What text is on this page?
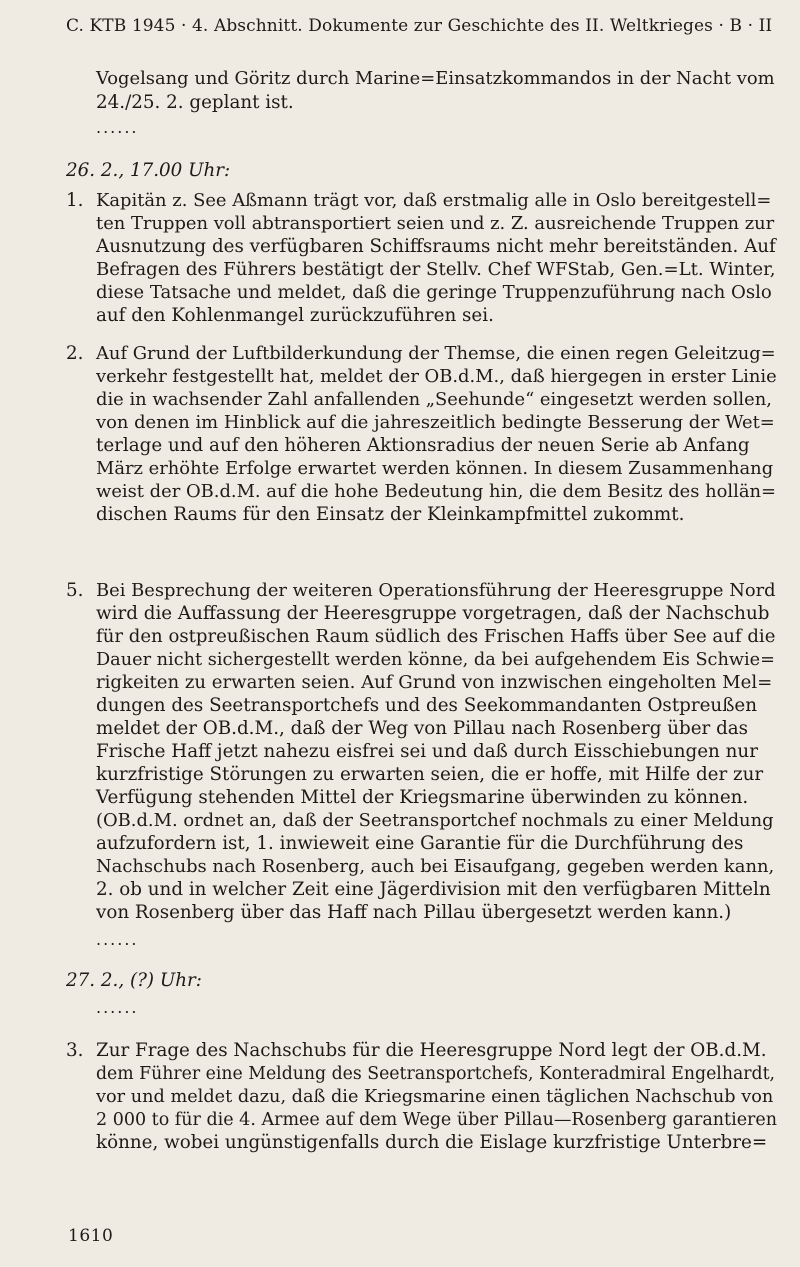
C. KTB 1945 · 4. Abschnitt. Dokumente zur Geschichte des II. Weltkrieges · B · II
Vogelsang und Göritz durch Marine=Einsatzkommandos in der Nacht vom
24./25. 2. geplant ist.
......
26. 2., 17.00 Uhr:
1. Kapitän z. See Aßmann trägt vor, daß erstmalig alle in Oslo bereitgestell=
ten Truppen voll abtransportiert seien und z. Z. ausreichende Truppen zur
Ausnutzung des verfügbaren Schiffsraums nicht mehr bereitständen. Auf
Befragen des Führers bestätigt der Stellv. Chef WFStab, Gen.=Lt. Winter,
diese Tatsache und meldet, daß die geringe Truppenzuführung nach Oslo
auf den Kohlenmangel zurückzuführen sei.
2. Auf Grund der Luftbilderkundung der Themse, die einen regen Geleitzug=
verkehr festgestellt hat, meldet der OB.d.M., daß hiergegen in erster Linie
die in wachsender Zahl anfallenden „Seehunde“ eingesetzt werden sollen,
von denen im Hinblick auf die jahreszeitlich bedingte Besserung der Wet=
terlage und auf den höheren Aktionsradius der neuen Serie ab Anfang
März erhöhte Erfolge erwartet werden können. In diesem Zusammenhang
weist der OB.d.M. auf die hohe Bedeutung hin, die dem Besitz des hollän=
dischen Raums für den Einsatz der Kleinkampfmittel zukommt.
5. Bei Besprechung der weiteren Operationsführung der Heeresgruppe Nord
wird die Auffassung der Heeresgruppe vorgetragen, daß der Nachschub
für den ostpreußischen Raum südlich des Frischen Haffs über See auf die
Dauer nicht sichergestellt werden könne, da bei aufgehendem Eis Schwie=
rigkeiten zu erwarten seien. Auf Grund von inzwischen eingeholten Mel=
dungen des Seetransportchefs und des Seekommandanten Ostpreußen
meldet der OB.d.M., daß der Weg von Pillau nach Rosenberg über das
Frische Haff jetzt nahezu eisfrei sei und daß durch Eisschiebungen nur
kurzfristige Störungen zu erwarten seien, die er hoffe, mit Hilfe der zur
Verfügung stehenden Mittel der Kriegsmarine überwinden zu können.
(OB.d.M. ordnet an, daß der Seetransportchef nochmals zu einer Meldung
aufzufordern ist, 1. inwieweit eine Garantie für die Durchführung des
Nachschubs nach Rosenberg, auch bei Eisaufgang, gegeben werden kann,
2. ob und in welcher Zeit eine Jägerdivision mit den verfügbaren Mitteln
von Rosenberg über das Haff nach Pillau übergesetzt werden kann.)
......
27. 2., (?) Uhr:
......
3. Zur Frage des Nachschubs für die Heeresgruppe Nord legt der OB.d.M.
dem Führer eine Meldung des Seetransportchefs, Konteradmiral Engelhardt,
vor und meldet dazu, daß die Kriegsmarine einen täglichen Nachschub von
2 000 to für die 4. Armee auf dem Wege über Pillau—Rosenberg garantieren
könne, wobei ungünstigenfalls durch die Eislage kurzfristige Unterbre=
1610
